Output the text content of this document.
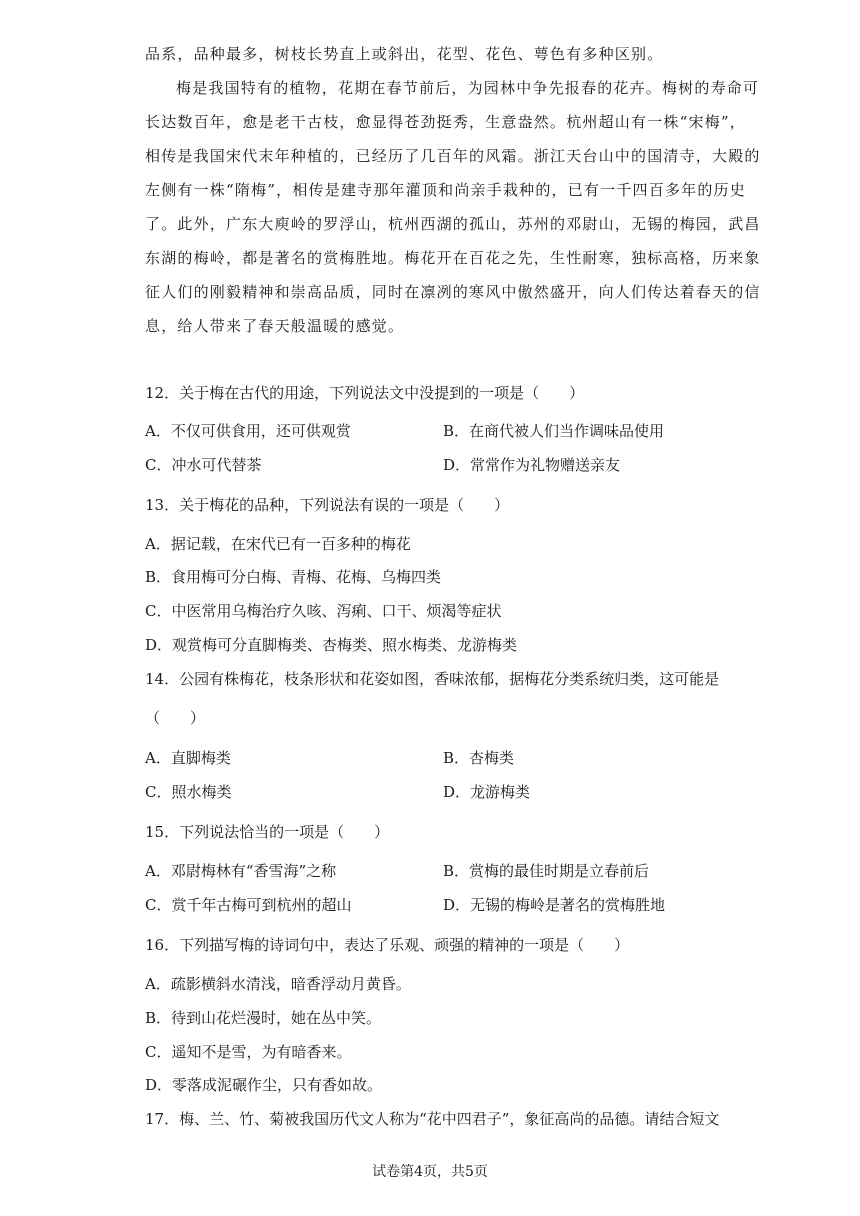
品系，品种最多，树枝长势直上或斜出，花型、花色、萼色有多种区别。
梅是我国特有的植物，花期在春节前后，为园林中争先报春的花卉。梅树的寿命可
长达数百年，愈是老干古枝，愈显得苍劲挺秀，生意盎然。杭州超山有一株“宋梅”，
相传是我国宋代末年种植的，已经历了几百年的风霜。浙江天台山中的国清寺，大殿的
左侧有一株“隋梅”，相传是建寺那年灌顶和尚亲手栽种的，已有一千四百多年的历史
了。此外，广东大庾岭的罗浮山，杭州西湖的孤山，苏州的邓尉山，无锡的梅园，武昌
东湖的梅岭，都是著名的赏梅胜地。梅花开在百花之先，生性耐寒，独标高格，历来象
征人们的刚毅精神和崇高品质，同时在凛冽的寒风中傲然盛开，向人们传达着春天的信
息，给人带来了春天般温暖的感觉。
12．关于梅在古代的用途，下列说法文中没提到的一项是（　　）
A．不仅可供食用，还可供观赏	B．在商代被人们当作调味品使用
C．冲水可代替茶	D．常常作为礼物赠送亲友
13．关于梅花的品种，下列说法有误的一项是（　　）
A．据记载，在宋代已有一百多种的梅花
B．食用梅可分白梅、青梅、花梅、乌梅四类
C．中医常用乌梅治疗久咳、泻痢、口干、烦渴等症状
D．观赏梅可分直脚梅类、杏梅类、照水梅类、龙游梅类
14．公园有株梅花，枝条形状和花姿如图，香味浓郁，据梅花分类系统归类，这可能是
（　　）
A．直脚梅类	B．杏梅类
C．照水梅类	D．龙游梅类
15．下列说法恰当的一项是（　　）
A．邓尉梅林有“香雪海”之称	B．赏梅的最佳时期是立春前后
C．赏千年古梅可到杭州的超山	D．无锡的梅岭是著名的赏梅胜地
16．下列描写梅的诗词句中，表达了乐观、顽强的精神的一项是（　　）
A．疏影横斜水清浅，暗香浮动月黄昏。
B．待到山花烂漫时，她在丛中笑。
C．遥知不是雪，为有暗香来。
D．零落成泥碾作尘，只有香如故。
17．梅、兰、竹、菊被我国历代文人称为“花中四君子”，象征高尚的品德。请结合短文
试卷第4页，共5页
